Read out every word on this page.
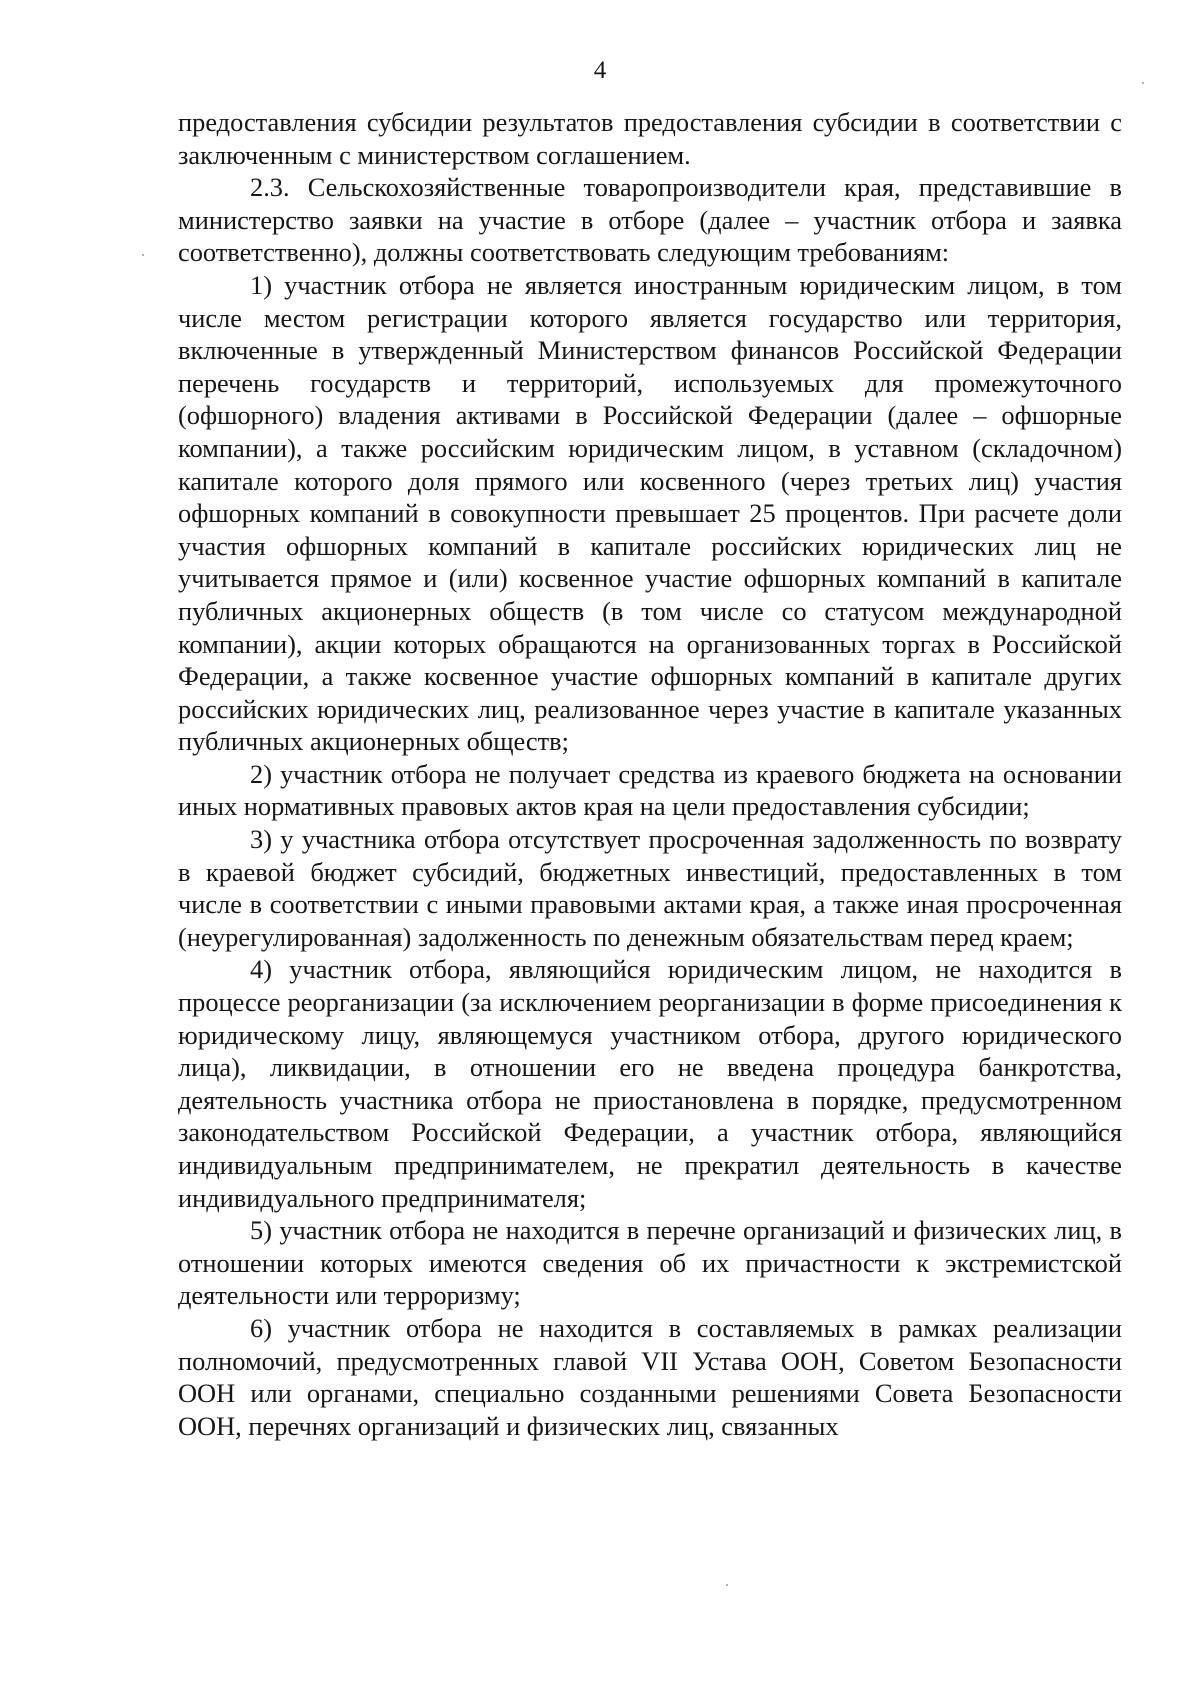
4

предоставления субсидии результатов предоставления субсидии в соответствии с заключенным с министерством соглашением.

2.3. Сельскохозяйственные товаропроизводители края, представившие в министерство заявки на участие в отборе (далее – участник отбора и заявка соответственно), должны соответствовать следующим требованиям:

1) участник отбора не является иностранным юридическим лицом, в том числе местом регистрации которого является государство или территория, включенные в утвержденный Министерством финансов Российской Федерации перечень государств и территорий, используемых для промежуточного (офшорного) владения активами в Российской Федерации (далее – офшорные компании), а также российским юридическим лицом, в уставном (складочном) капитале которого доля прямого или косвенного (через третьих лиц) участия офшорных компаний в совокупности превышает 25 процентов. При расчете доли участия офшорных компаний в капитале российских юридических лиц не учитывается прямое и (или) косвенное участие офшорных компаний в капитале публичных акционерных обществ (в том числе со статусом международной компании), акции которых обращаются на организованных торгах в Российской Федерации, а также косвенное участие офшорных компаний в капитале других российских юридических лиц, реализованное через участие в капитале указанных публичных акционерных обществ;

2) участник отбора не получает средства из краевого бюджета на основании иных нормативных правовых актов края на цели предоставления субсидии;

3) у участника отбора отсутствует просроченная задолженность по возврату в краевой бюджет субсидий, бюджетных инвестиций, предоставленных в том числе в соответствии с иными правовыми актами края, а также иная просроченная (неурегулированная) задолженность по денежным обязательствам перед краем;

4) участник отбора, являющийся юридическим лицом, не находится в процессе реорганизации (за исключением реорганизации в форме присоединения к юридическому лицу, являющемуся участником отбора, другого юридического лица), ликвидации, в отношении его не введена процедура банкротства, деятельность участника отбора не приостановлена в порядке, предусмотренном законодательством Российской Федерации, а участник отбора, являющийся индивидуальным предпринимателем, не прекратил деятельность в качестве индивидуального предпринимателя;

5) участник отбора не находится в перечне организаций и физических лиц, в отношении которых имеются сведения об их причастности к экстремистской деятельности или терроризму;

6) участник отбора не находится в составляемых в рамках реализации полномочий, предусмотренных главой VII Устава ООН, Советом Безопасности ООН или органами, специально созданными решениями Совета Безопасности ООН, перечнях организаций и физических лиц, связанных
